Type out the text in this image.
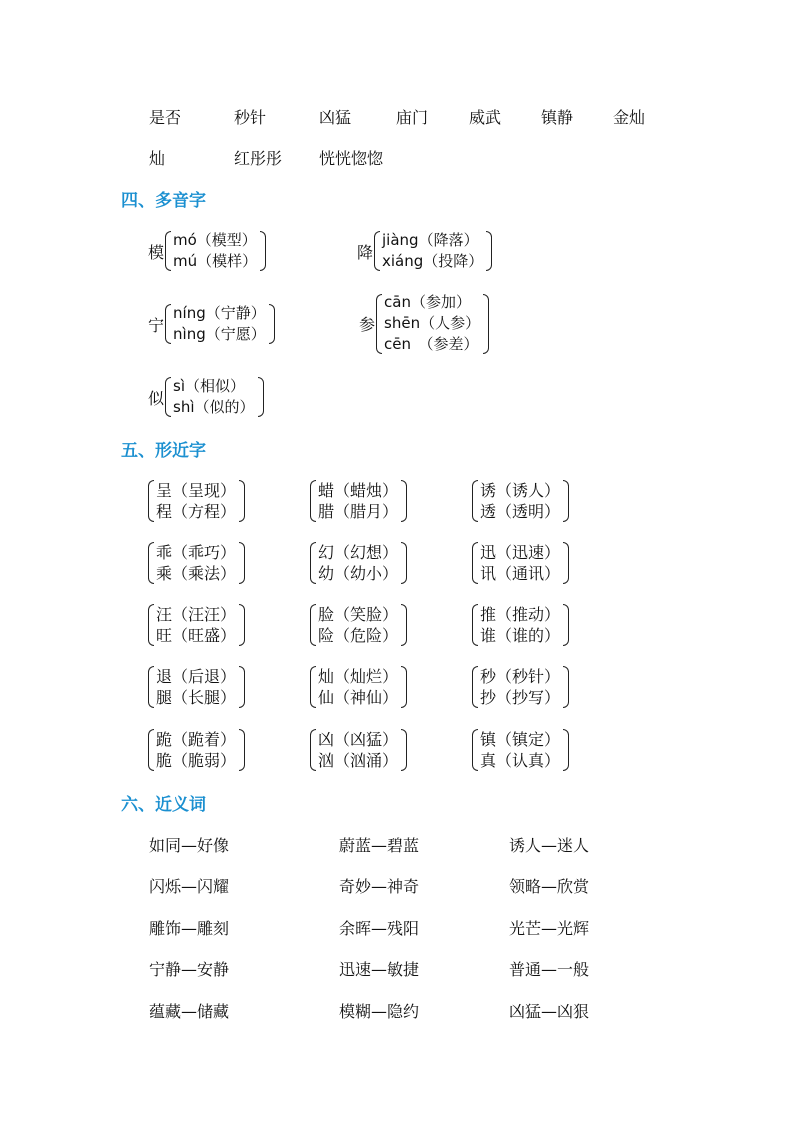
是否	秒针	凶猛	庙门	威武 镇静 金灿
灿	红彤彤 恍恍惚惚
四、多音字
模
mó（模型）
mú（模样）	降
jiàng（降落）
xiáng（投降）
宁
níng（宁静）
nìng（宁愿）	参
cān（参加）
shēn（人参）
cēn　（参差）
似
sì（相似）
shì（似的）
五、形近字
呈（呈现）
程（方程）
蜡（蜡烛）
腊（腊月）
诱（诱人）
透（透明）
乖（乖巧）
乘（乘法）
幻（幻想）
幼（幼小）
迅（迅速）
讯（通讯）
汪（汪汪）
旺（旺盛）
脸（笑脸）
险（危险）
推（推动）
谁（谁的）
退（后退）
腿（长腿）
灿（灿烂）
仙（神仙）
秒（秒针）
抄（抄写）
跪（跪着）
脆（脆弱）
凶（凶猛）
汹（汹涌）
镇（镇定）
真（认真）
六、近义词
如同—好像	蔚蓝—碧蓝	诱人—迷人
闪烁—闪耀	奇妙—神奇	领略—欣赏
雕饰—雕刻	余晖—残阳	光芒—光辉
宁静—安静	迅速—敏捷	普通—一般
蕴藏—储藏	模糊—隐约	凶猛—凶狠
